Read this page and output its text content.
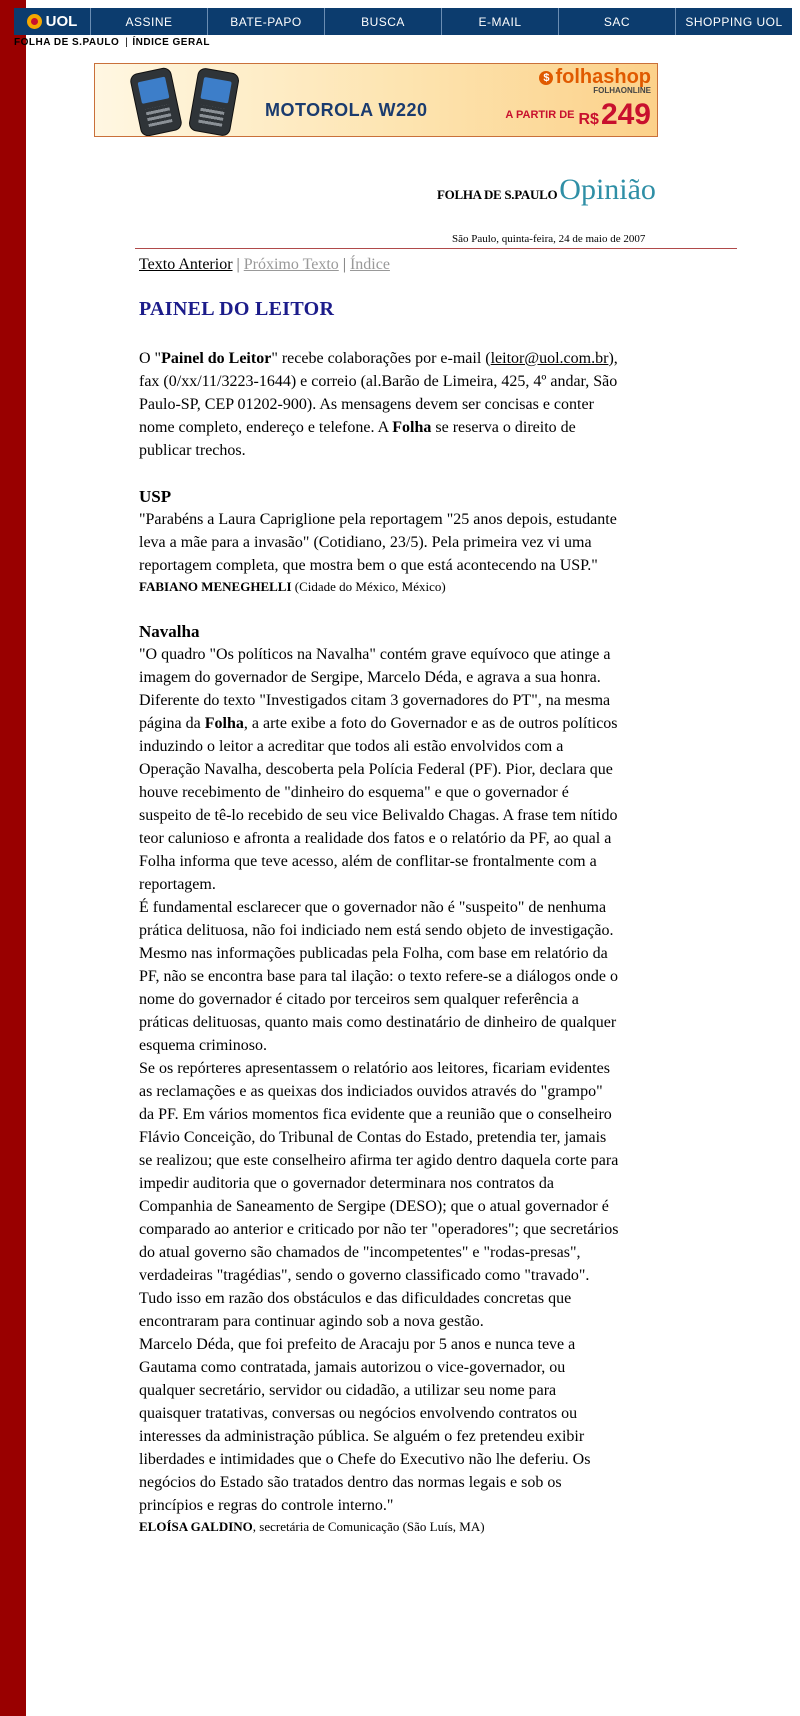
UOL	ASSINE	BATE-PAPO	BUSCA	E-MAIL	SAC	SHOPPING UOL
FOLHA DE S.PAULO | ÍNDICE GERAL
MOTOROLA W220
$ folhashop
FOLHAONLINE
$^{A PARTIR DE}$ R$249
FOLHA DE S.PAULOOpinião
São Paulo, quinta-feira, 24 de maio de 2007
Texto Anterior | Próximo Texto | Índice
PAINEL DO LEITOR

O "Painel do Leitor" recebe colaborações por e-mail (leitor@uol.com.br), fax (0/xx/11/3223-1644) e correio (al.Barão de Limeira, 425, 4º andar, São Paulo-SP, CEP 01202-900). As mensagens devem ser concisas e conter nome completo, endereço e telefone. A Folha se reserva o direito de publicar trechos.

USP

"Parabéns a Laura Capriglione pela reportagem "25 anos depois, estudante leva a mãe para a invasão" (Cotidiano, 23/5). Pela primeira vez vi uma reportagem completa, que mostra bem o que está acontecendo na USP."

FABIANO MENEGHELLI (Cidade do México, México)

Navalha

"O quadro "Os políticos na Navalha" contém grave equívoco que atinge a imagem do governador de Sergipe, Marcelo Déda, e agrava a sua honra. Diferente do texto "Investigados citam 3 governadores do PT", na mesma página da Folha, a arte exibe a foto do Governador e as de outros políticos induzindo o leitor a acreditar que todos ali estão envolvidos com a Operação Navalha, descoberta pela Polícia Federal (PF). Pior, declara que houve recebimento de "dinheiro do esquema" e que o governador é suspeito de tê-lo recebido de seu vice Belivaldo Chagas. A frase tem nítido teor calunioso e afronta a realidade dos fatos e o relatório da PF, ao qual a Folha informa que teve acesso, além de conflitar-se frontalmente com a reportagem.

É fundamental esclarecer que o governador não é "suspeito" de nenhuma prática delituosa, não foi indiciado nem está sendo objeto de investigação. Mesmo nas informações publicadas pela Folha, com base em relatório da PF, não se encontra base para tal ilação: o texto refere-se a diálogos onde o nome do governador é citado por terceiros sem qualquer referência a práticas delituosas, quanto mais como destinatário de dinheiro de qualquer esquema criminoso.

Se os repórteres apresentassem o relatório aos leitores, ficariam evidentes as reclamações e as queixas dos indiciados ouvidos através do "grampo" da PF. Em vários momentos fica evidente que a reunião que o conselheiro Flávio Conceição, do Tribunal de Contas do Estado, pretendia ter, jamais se realizou; que este conselheiro afirma ter agido dentro daquela corte para impedir auditoria que o governador determinara nos contratos da Companhia de Saneamento de Sergipe (DESO); que o atual governador é comparado ao anterior e criticado por não ter "operadores"; que secretários do atual governo são chamados de "incompetentes" e "rodas-presas", verdadeiras "tragédias", sendo o governo classificado como "travado". Tudo isso em razão dos obstáculos e das dificuldades concretas que encontraram para continuar agindo sob a nova gestão.

Marcelo Déda, que foi prefeito de Aracaju por 5 anos e nunca teve a Gautama como contratada, jamais autorizou o vice-governador, ou qualquer secretário, servidor ou cidadão, a utilizar seu nome para quaisquer tratativas, conversas ou negócios envolvendo contratos ou interesses da administração pública. Se alguém o fez pretendeu exibir liberdades e intimidades que o Chefe do Executivo não lhe deferiu. Os negócios do Estado são tratados dentro das normas legais e sob os princípios e regras do controle interno."

ELOÍSA GALDINO, secretária de Comunicação (São Luís, MA)
